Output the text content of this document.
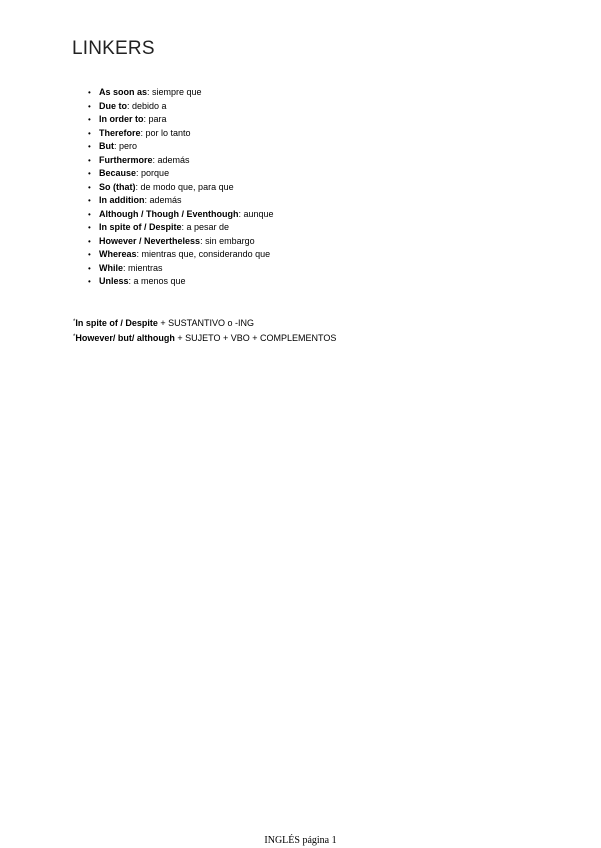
LINKERS
• As soon as: siempre que
• Due to: debido a
• In order to: para
• Therefore: por lo tanto
• But: pero
• Furthermore: además
• Because: porque
• So (that): de modo que, para que
• In addition: además
• Although / Though / Eventhough: aunque
• In spite of / Despite: a pesar de
• However / Nevertheless: sin embargo
• Whereas: mientras que, considerando que
• While: mientras
• Unless: a menos que
*In spite of / Despite + SUSTANTIVO o -ING
*However/ but/ although + SUJETO + VBO + COMPLEMENTOS
INGLÉS página 1
